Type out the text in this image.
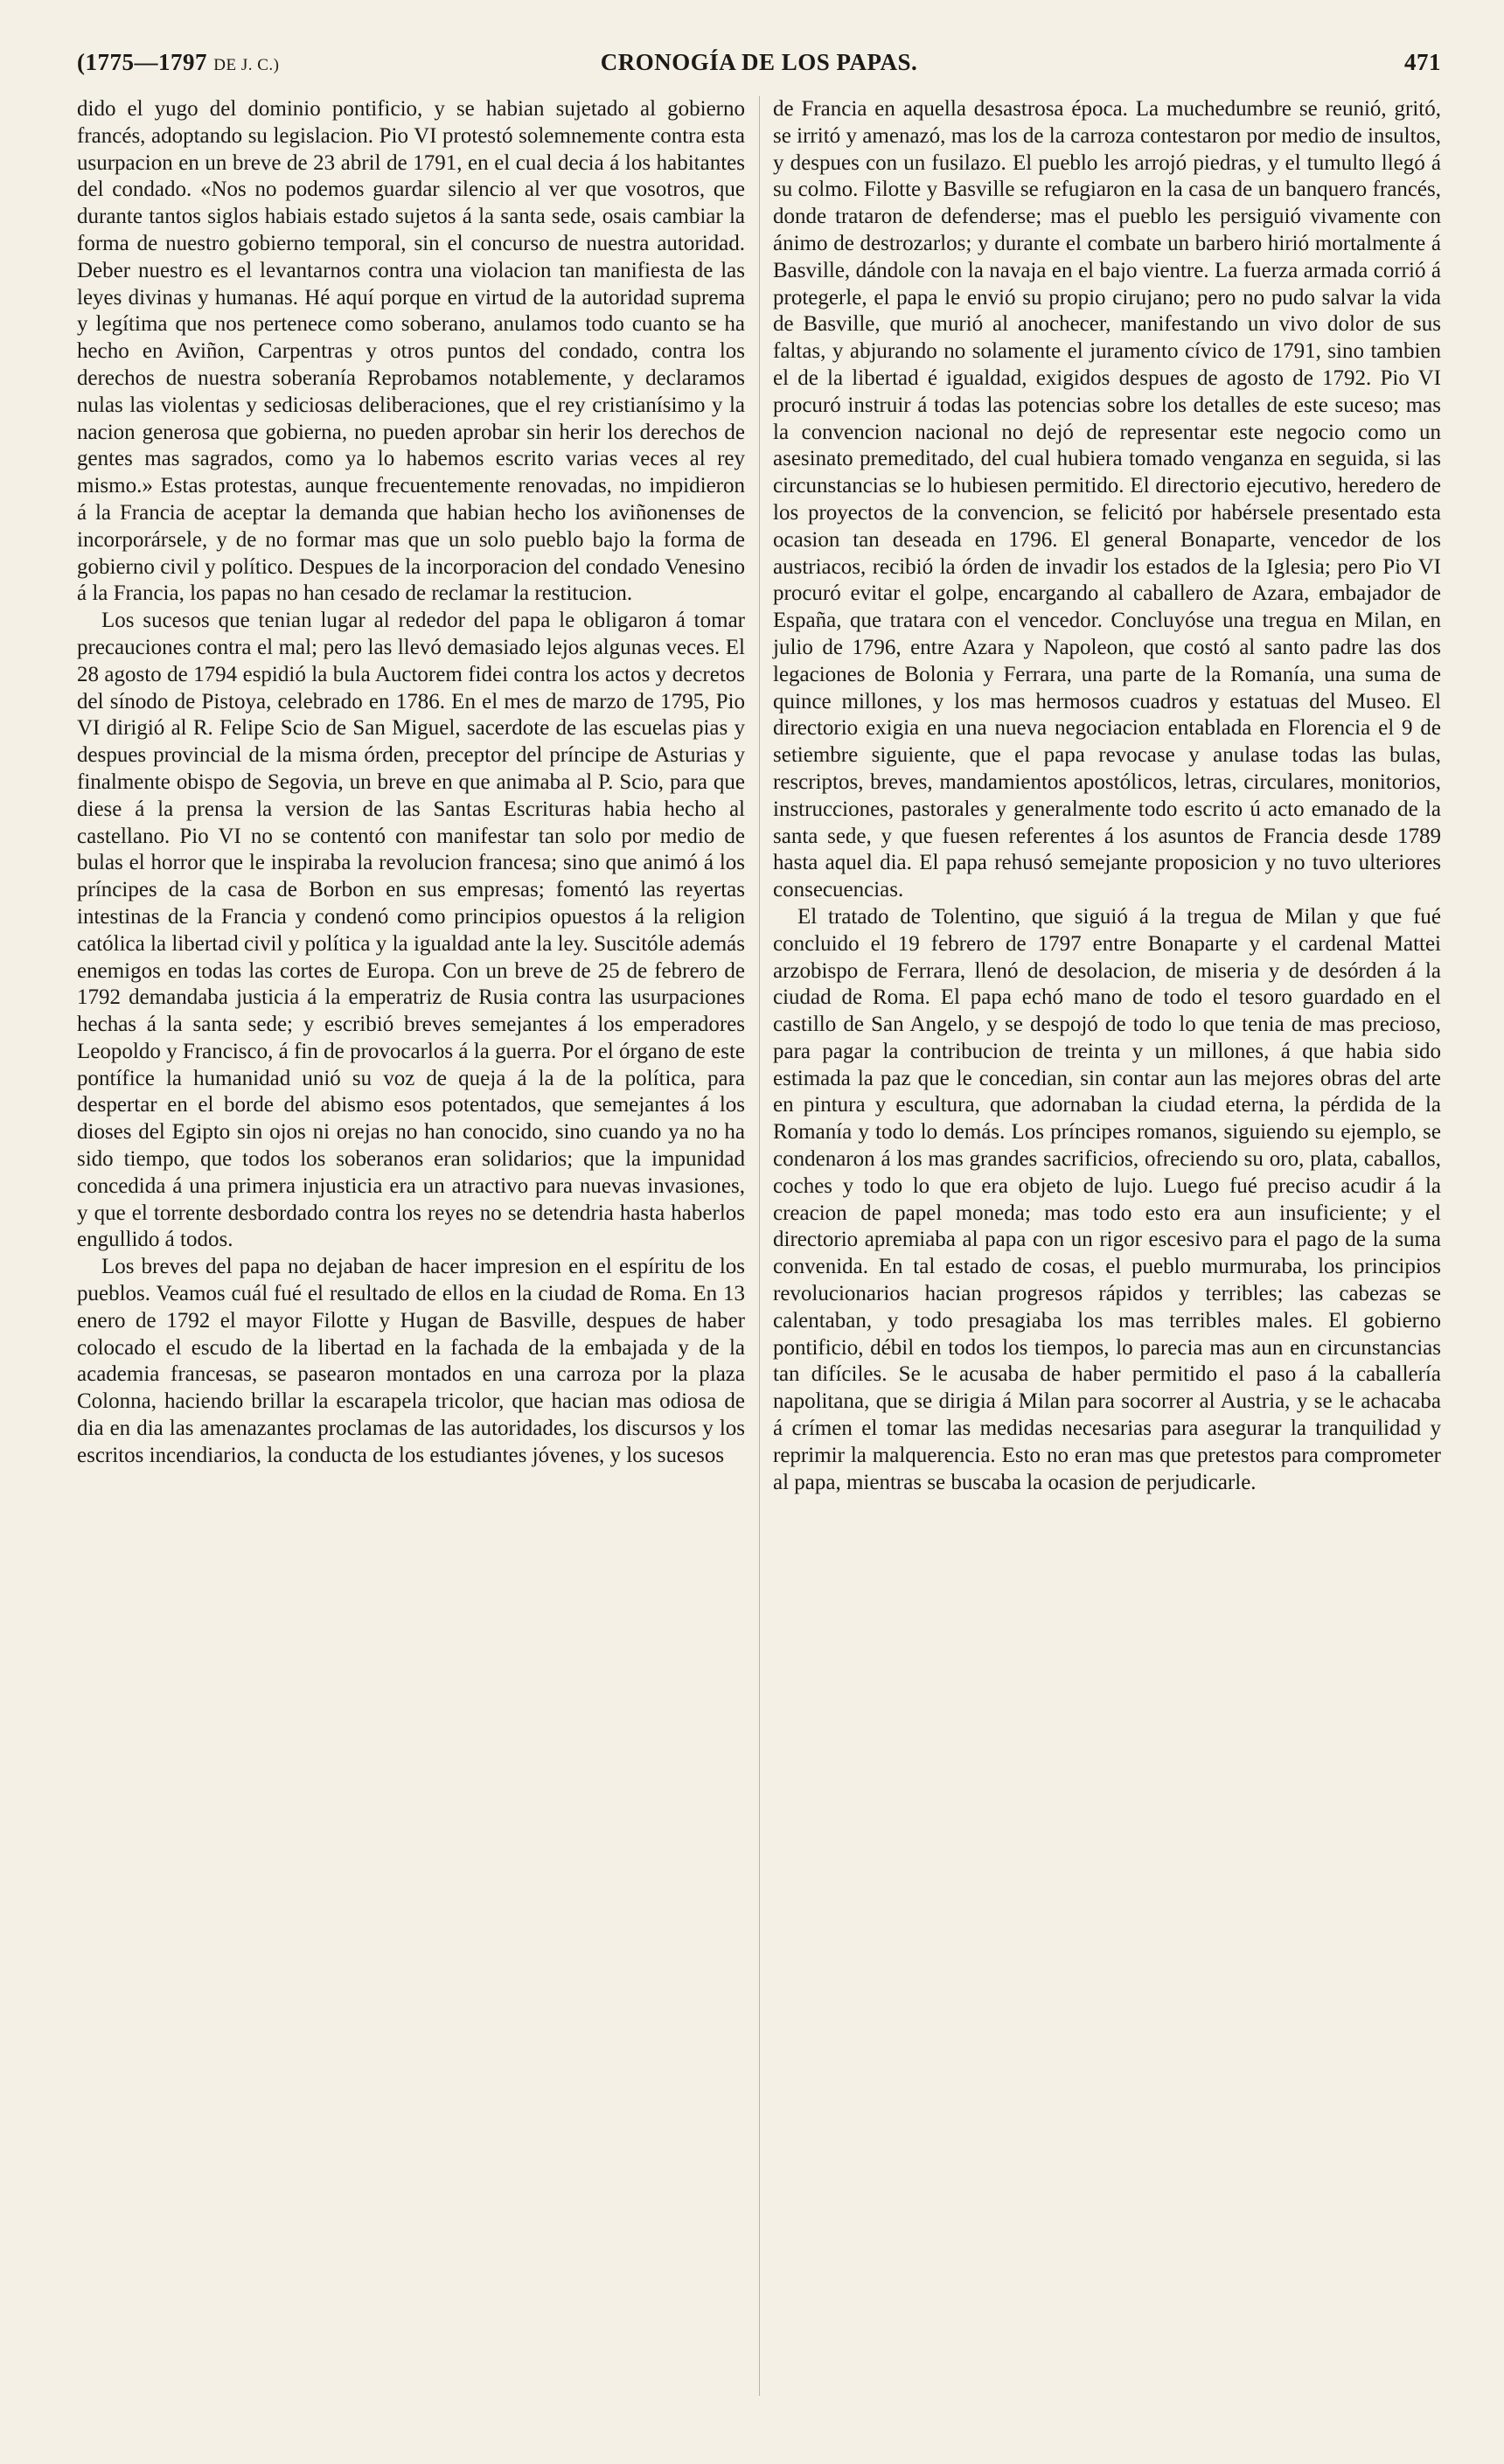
(1775—1797 DE J. C.)	CRONOGÍA DE LOS PAPAS.	471

dido el yugo del dominio pontificio, y se habian sujetado al gobierno francés, adoptando su legislacion. Pio VI protestó solemnemente contra esta usurpacion en un breve de 23 abril de 1791, en el cual decia á los habitantes del condado. «Nos no podemos guardar silencio al ver que vosotros, que durante tantos siglos habiais estado sujetos á la santa sede, osais cambiar la forma de nuestro gobierno temporal, sin el concurso de nuestra autoridad. Deber nuestro es el levantarnos contra una violacion tan manifiesta de las leyes divinas y humanas. Hé aquí porque en virtud de la autoridad suprema y legítima que nos pertenece como soberano, anulamos todo cuanto se ha hecho en Aviñon, Carpentras y otros puntos del condado, contra los derechos de nuestra soberanía Reprobamos notablemente, y declaramos nulas las violentas y sediciosas deliberaciones, que el rey cristianísimo y la nacion generosa que gobierna, no pueden aprobar sin herir los derechos de gentes mas sagrados, como ya lo habemos escrito varias veces al rey mismo.» Estas protestas, aunque frecuentemente renovadas, no impidieron á la Francia de aceptar la demanda que habian hecho los aviñonenses de incorporársele, y de no formar mas que un solo pueblo bajo la forma de gobierno civil y político. Despues de la incorporacion del condado Venesino á la Francia, los papas no han cesado de reclamar la restitucion.

Los sucesos que tenian lugar al rededor del papa le obligaron á tomar precauciones contra el mal; pero las llevó demasiado lejos algunas veces. El 28 agosto de 1794 espidió la bula Auctorem fidei contra los actos y decretos del sínodo de Pistoya, celebrado en 1786. En el mes de marzo de 1795, Pio VI dirigió al R. Felipe Scio de San Miguel, sacerdote de las escuelas pias y despues provincial de la misma órden, preceptor del príncipe de Asturias y finalmente obispo de Segovia, un breve en que animaba al P. Scio, para que diese á la prensa la version de las Santas Escrituras habia hecho al castellano. Pio VI no se contentó con manifestar tan solo por medio de bulas el horror que le inspiraba la revolucion francesa; sino que animó á los príncipes de la casa de Borbon en sus empresas; fomentó las reyertas intestinas de la Francia y condenó como principios opuestos á la religion católica la libertad civil y política y la igualdad ante la ley. Suscitóle además enemigos en todas las cortes de Europa. Con un breve de 25 de febrero de 1792 demandaba justicia á la emperatriz de Rusia contra las usurpaciones hechas á la santa sede; y escribió breves semejantes á los emperadores Leopoldo y Francisco, á fin de provocarlos á la guerra. Por el órgano de este pontífice la humanidad unió su voz de queja á la de la política, para despertar en el borde del abismo esos potentados, que semejantes á los dioses del Egipto sin ojos ni orejas no han conocido, sino cuando ya no ha sido tiempo, que todos los soberanos eran solidarios; que la impunidad concedida á una primera injusticia era un atractivo para nuevas invasiones, y que el torrente desbordado contra los reyes no se detendria hasta haberlos engullido á todos.

Los breves del papa no dejaban de hacer impresion en el espíritu de los pueblos. Veamos cuál fué el resultado de ellos en la ciudad de Roma. En 13 enero de 1792 el mayor Filotte y Hugan de Basville, despues de haber colocado el escudo de la libertad en la fachada de la embajada y de la academia francesas, se pasearon montados en una carroza por la plaza Colonna, haciendo brillar la escarapela tricolor, que hacian mas odiosa de dia en dia las amenazantes proclamas de las autoridades, los discursos y los escritos incendiarios, la conducta de los estudiantes jóvenes, y los sucesos

de Francia en aquella desastrosa época. La muchedumbre se reunió, gritó, se irritó y amenazó, mas los de la carroza contestaron por medio de insultos, y despues con un fusilazo. El pueblo les arrojó piedras, y el tumulto llegó á su colmo. Filotte y Basville se refugiaron en la casa de un banquero francés, donde trataron de defenderse; mas el pueblo les persiguió vivamente con ánimo de destrozarlos; y durante el combate un barbero hirió mortalmente á Basville, dándole con la navaja en el bajo vientre. La fuerza armada corrió á protegerle, el papa le envió su propio cirujano; pero no pudo salvar la vida de Basville, que murió al anochecer, manifestando un vivo dolor de sus faltas, y abjurando no solamente el juramento cívico de 1791, sino tambien el de la libertad é igualdad, exigidos despues de agosto de 1792. Pio VI procuró instruir á todas las potencias sobre los detalles de este suceso; mas la convencion nacional no dejó de representar este negocio como un asesinato premeditado, del cual hubiera tomado venganza en seguida, si las circunstancias se lo hubiesen permitido. El directorio ejecutivo, heredero de los proyectos de la convencion, se felicitó por habérsele presentado esta ocasion tan deseada en 1796. El general Bonaparte, vencedor de los austriacos, recibió la órden de invadir los estados de la Iglesia; pero Pio VI procuró evitar el golpe, encargando al caballero de Azara, embajador de España, que tratara con el vencedor. Concluyóse una tregua en Milan, en julio de 1796, entre Azara y Napoleon, que costó al santo padre las dos legaciones de Bolonia y Ferrara, una parte de la Romanía, una suma de quince millones, y los mas hermosos cuadros y estatuas del Museo. El directorio exigia en una nueva negociacion entablada en Florencia el 9 de setiembre siguiente, que el papa revocase y anulase todas las bulas, rescriptos, breves, mandamientos apostólicos, letras, circulares, monitorios, instrucciones, pastorales y generalmente todo escrito ú acto emanado de la santa sede, y que fuesen referentes á los asuntos de Francia desde 1789 hasta aquel dia. El papa rehusó semejante proposicion y no tuvo ulteriores consecuencias.

El tratado de Tolentino, que siguió á la tregua de Milan y que fué concluido el 19 febrero de 1797 entre Bonaparte y el cardenal Mattei arzobispo de Ferrara, llenó de desolacion, de miseria y de desórden á la ciudad de Roma. El papa echó mano de todo el tesoro guardado en el castillo de San Angelo, y se despojó de todo lo que tenia de mas precioso, para pagar la contribucion de treinta y un millones, á que habia sido estimada la paz que le concedian, sin contar aun las mejores obras del arte en pintura y escultura, que adornaban la ciudad eterna, la pérdida de la Romanía y todo lo demás. Los príncipes romanos, siguiendo su ejemplo, se condenaron á los mas grandes sacrificios, ofreciendo su oro, plata, caballos, coches y todo lo que era objeto de lujo. Luego fué preciso acudir á la creacion de papel moneda; mas todo esto era aun insuficiente; y el directorio apremiaba al papa con un rigor escesivo para el pago de la suma convenida. En tal estado de cosas, el pueblo murmuraba, los principios revolucionarios hacian progresos rápidos y terribles; las cabezas se calentaban, y todo presagiaba los mas terribles males. El gobierno pontificio, débil en todos los tiempos, lo parecia mas aun en circunstancias tan difíciles. Se le acusaba de haber permitido el paso á la caballería napolitana, que se dirigia á Milan para socorrer al Austria, y se le achacaba á crímen el tomar las medidas necesarias para asegurar la tranquilidad y reprimir la malquerencia. Esto no eran mas que pretestos para comprometer al papa, mientras se buscaba la ocasion de perjudicarle.
